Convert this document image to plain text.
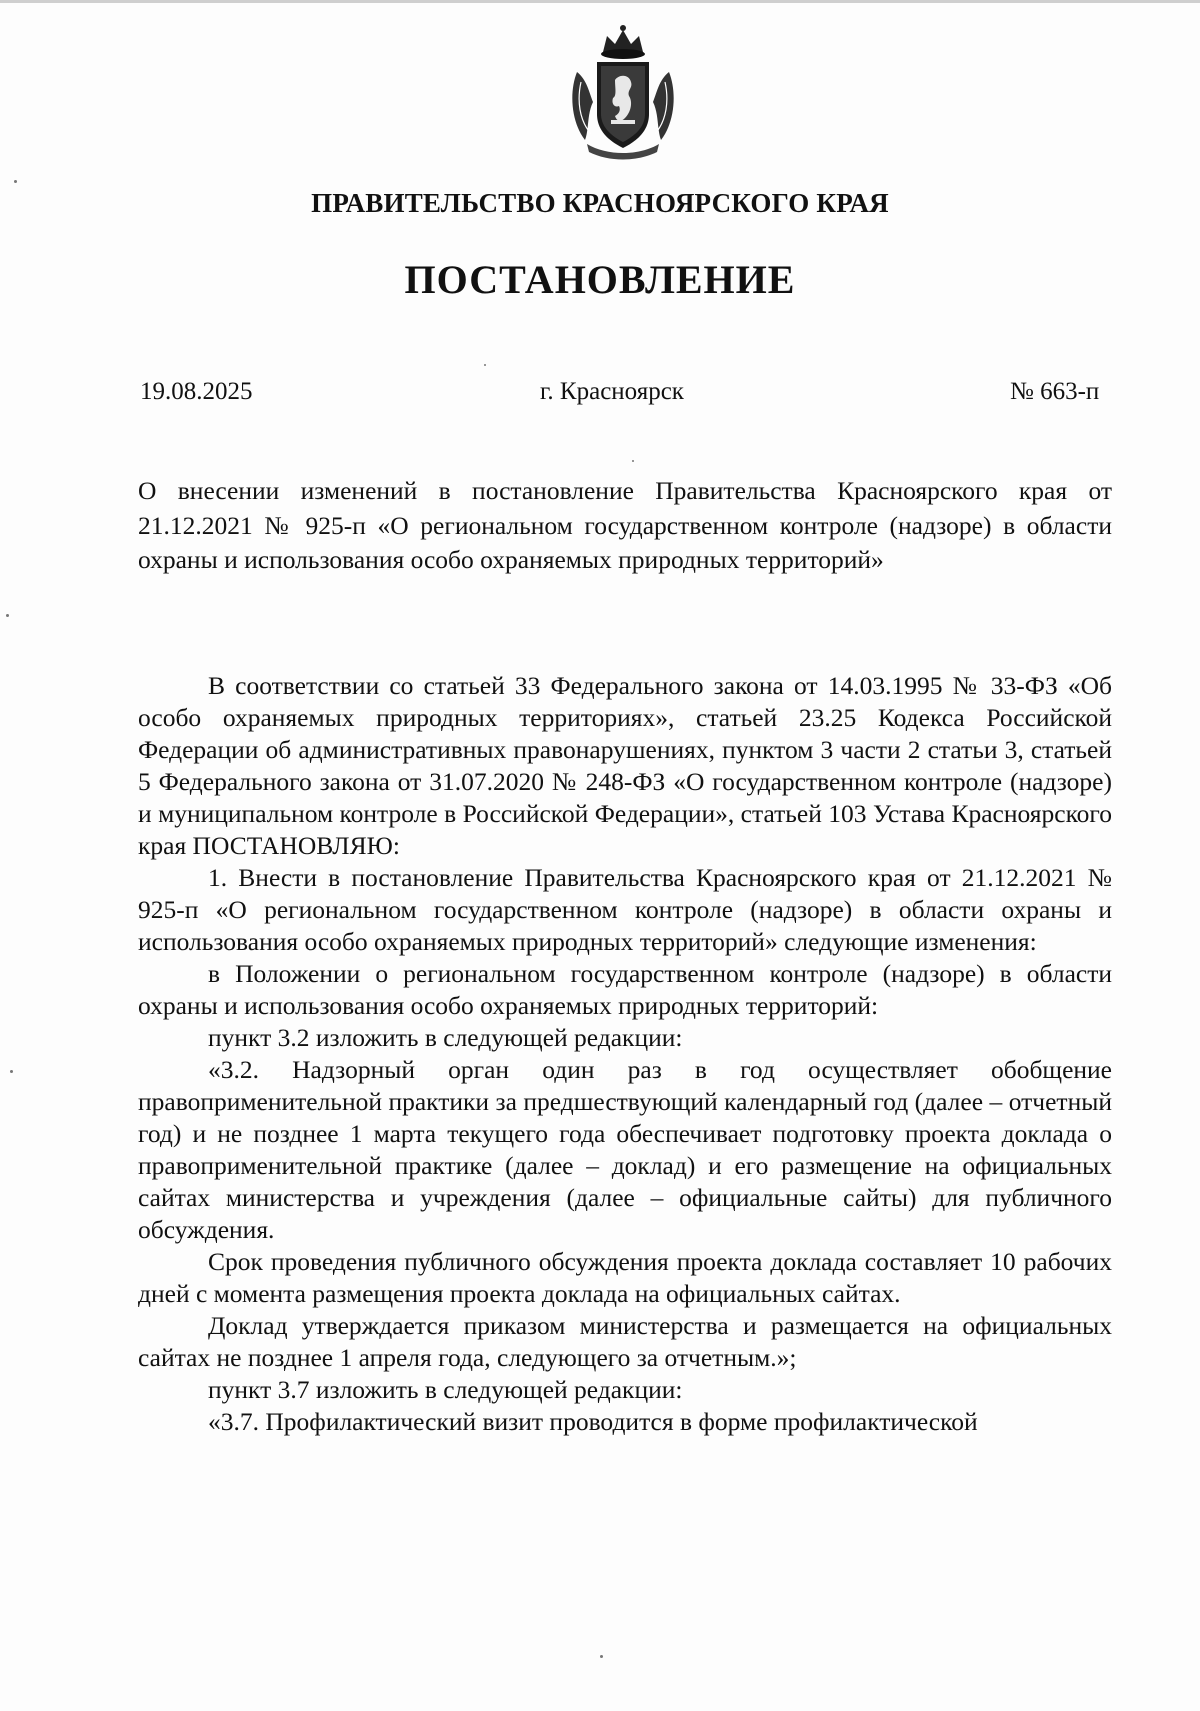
ПРАВИТЕЛЬСТВО КРАСНОЯРСКОГО КРАЯ
ПОСТАНОВЛЕНИЕ
19.08.2025	г. Красноярск	№ 663-п
О внесении изменений в постановление Правительства Красноярского края от 21.12.2021 № 925-п «О региональном государственном контроле (надзоре) в области охраны и использования особо охраняемых природных территорий»

В соответствии со статьей 33 Федерального закона от 14.03.1995 № 33-ФЗ «Об особо охраняемых природных территориях», статьей 23.25 Кодекса Российской Федерации об административных правонарушениях, пунктом 3 части 2 статьи 3, статьей 5 Федерального закона от 31.07.2020 № 248-ФЗ «О государственном контроле (надзоре) и муниципальном контроле в Российской Федерации», статьей 103 Устава Красноярского края ПОСТАНОВЛЯЮ:

1. Внести в постановление Правительства Красноярского края от 21.12.2021 № 925-п «О региональном государственном контроле (надзоре) в области охраны и использования особо охраняемых природных территорий» следующие изменения:

в Положении о региональном государственном контроле (надзоре) в области охраны и использования особо охраняемых природных территорий:

пункт 3.2 изложить в следующей редакции:

«3.2. Надзорный орган один раз в год осуществляет обобщение правоприменительной практики за предшествующий календарный год (далее – отчетный год) и не позднее 1 марта текущего года обеспечивает подготовку проекта доклада о правоприменительной практике (далее – доклад) и его размещение на официальных сайтах министерства и учреждения (далее – официальные сайты) для публичного обсуждения.

Срок проведения публичного обсуждения проекта доклада составляет 10 рабочих дней с момента размещения проекта доклада на официальных сайтах.

Доклад утверждается приказом министерства и размещается на официальных сайтах не позднее 1 апреля года, следующего за отчетным.»;

пункт 3.7 изложить в следующей редакции:

«3.7. Профилактический визит проводится в форме профилактической
